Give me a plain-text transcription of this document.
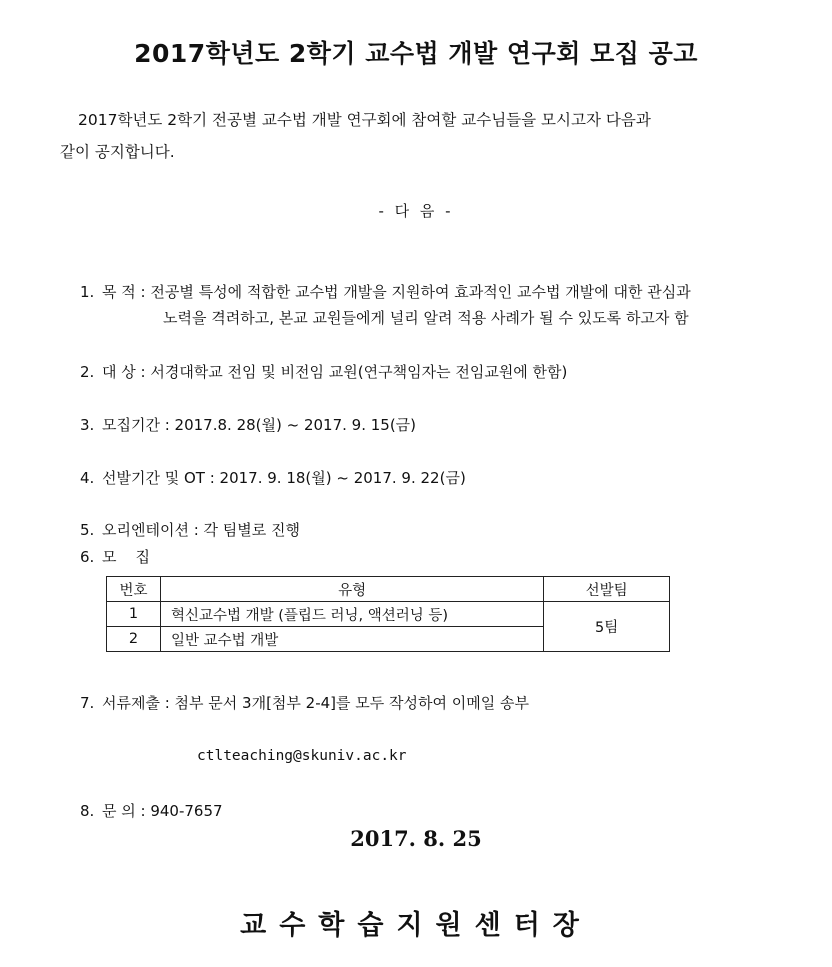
2017학년도 2학기 교수법 개발 연구회 모집 공고
2017학년도 2학기 전공별 교수법 개발 연구회에 참여할 교수님들을 모시고자 다음과
같이 공지합니다.
- 다 음 -
1. 목 적 : 전공별 특성에 적합한 교수법 개발을 지원하여 효과적인 교수법 개발에 대한 관심과
노력을 격려하고, 본교 교원들에게 널리 알려 적용 사례가 될 수 있도록 하고자 함
2. 대 상 : 서경대학교 전임 및 비전임 교원(연구책임자는 전임교원에 한함)
3. 모집기간 : 2017.8. 28(월) ~ 2017. 9. 15(금)
4. 선발기간 및 OT : 2017. 9. 18(월) ~ 2017. 9. 22(금)
5. 오리엔테이션 : 각 팀별로 진행
6. 모    집
번호	유형	선발팀
1	혁신교수법 개발 (플립드 러닝, 액션러닝 등)	5팀
2	일반 교수법 개발	
7. 서류제출 : 첨부 문서 3개[첨부 2-4]를 모두 작성하여 이메일 송부
ctlteaching@skuniv.ac.kr
8. 문 의 : 940-7657
2017. 8. 25
교수학습지원센터장
